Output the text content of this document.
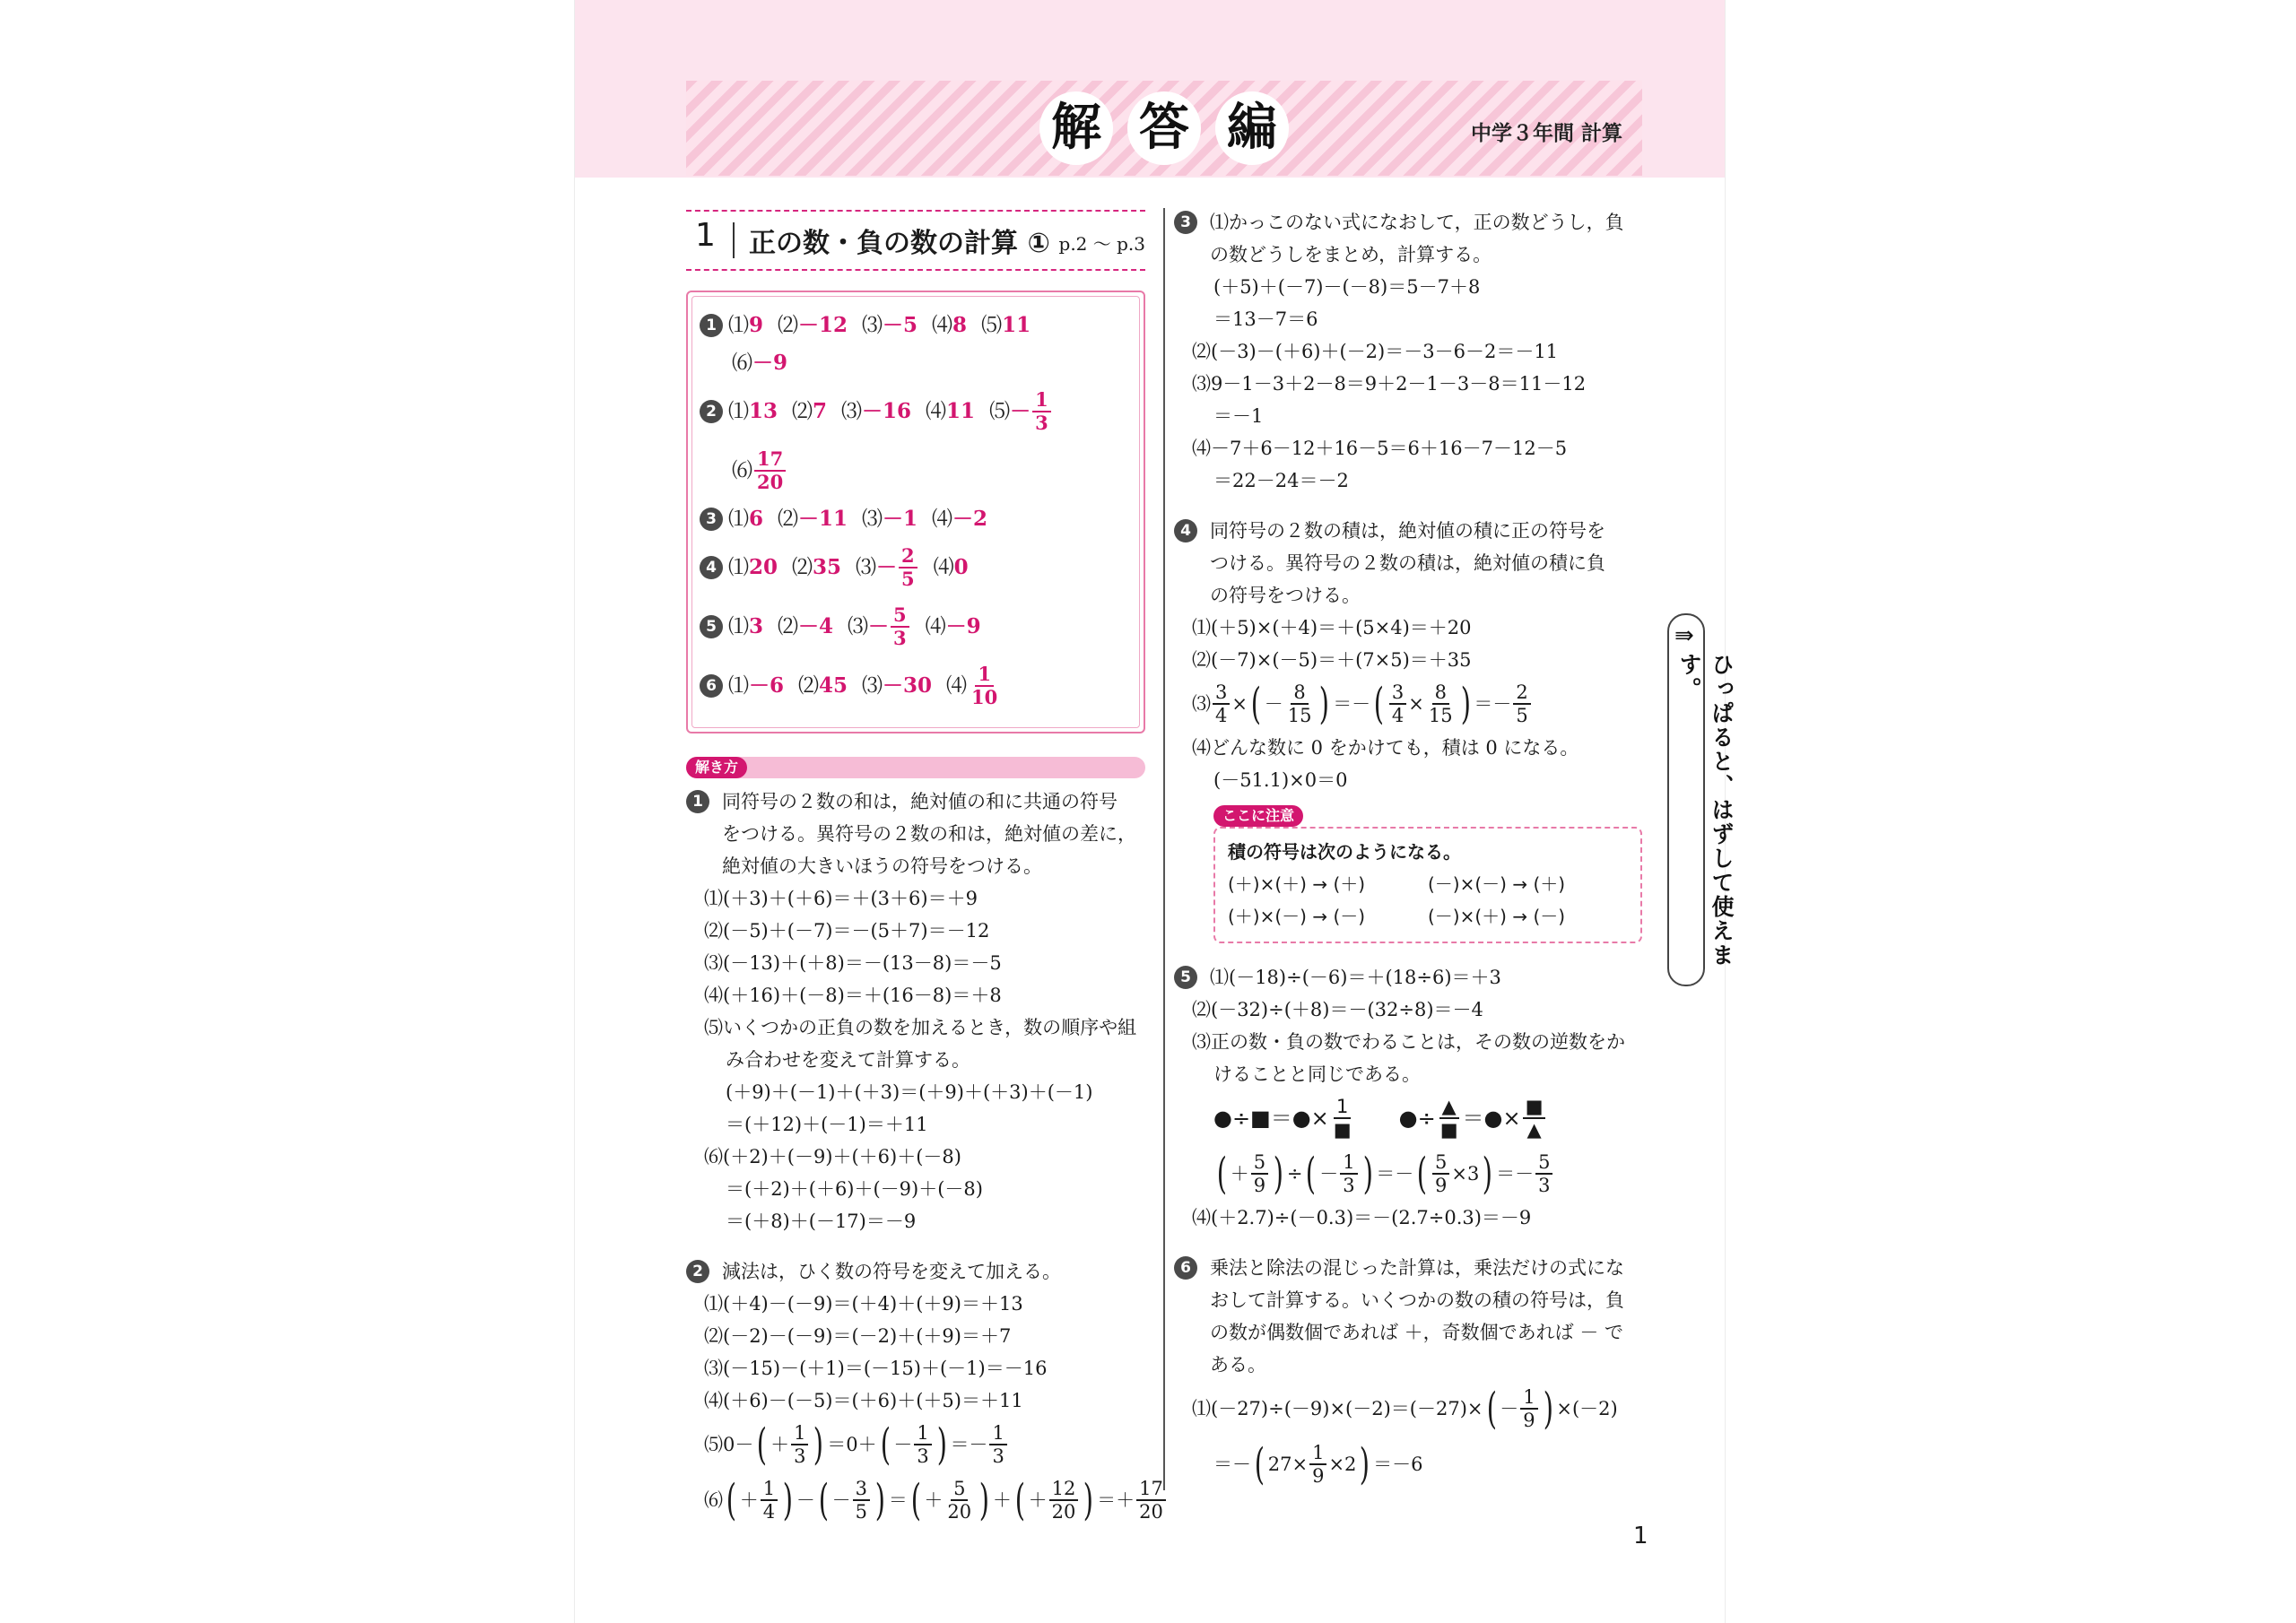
解 答 編	中学３年間 計算
1 正の数・負の数の計算 ① p.2 ～ p.3
1 ⑴ 9 ⑵ －12 ⑶ －5 ⑷ 8 ⑸ 11
⑹ －9
2 ⑴ 13 ⑵ 7 ⑶ －16 ⑷ 11 ⑸ － $\frac{1}{3}$
⑹ $\frac{17}{20}$
3 ⑴ 6 ⑵ －11 ⑶ －1 ⑷ －2
4 ⑴ 20 ⑵ 35 ⑶ － $\frac{2}{5}$ ⑷ 0
5 ⑴ 3 ⑵ －4 ⑶ － $\frac{5}{3}$ ⑷ －9
6 ⑴ －6 ⑵ 45 ⑶ －30 ⑷ $\frac{1}{10}$
解き方
1	同符号の２数の和は，絶対値の和に共通の符号
をつける。異符号の２数の和は，絶対値の差に，
絶対値の大きいほうの符号をつける。
⑴(＋3)＋(＋6)＝＋(3＋6)＝＋9
⑵(－5)＋(－7)＝－(5＋7)＝－12
⑶(－13)＋(＋8)＝－(13－8)＝－5
⑷(＋16)＋(－8)＝＋(16－8)＝＋8
⑸いくつかの正負の数を加えるとき，数の順序や組
み合わせを変えて計算する。
(＋9)＋(－1)＋(＋3)＝(＋9)＋(＋3)＋(－1)
＝(＋12)＋(－1)＝＋11
⑹(＋2)＋(－9)＋(＋6)＋(－8)
＝(＋2)＋(＋6)＋(－9)＋(－8)
＝(＋8)＋(－17)＝－9
2	減法は，ひく数の符号を変えて加える。
⑴(＋4)－(－9)＝(＋4)＋(＋9)＝＋13
⑵(－2)－(－9)＝(－2)＋(＋9)＝＋7
⑶(－15)－(＋1)＝(－15)＋(－1)＝－16
⑷(＋6)－(－5)＝(＋6)＋(＋5)＝＋11
⑸0－ ( ＋ $\frac{1}{3}$ ) ＝0＋ ( － $\frac{1}{3}$ ) ＝－ $\frac{1}{3}$
⑹ ( ＋ $\frac{1}{4}$ ) － ( － $\frac{3}{5}$ ) ＝ ( ＋ $\frac{5}{20}$ ) ＋ ( ＋ $\frac{12}{20}$ ) ＝＋ $\frac{17}{20}$
3	⑴かっこのない式になおして，正の数どうし，負
の数どうしをまとめ，計算する。
(＋5)＋(－7)－(－8)＝5－7＋8
＝13－7＝6
⑵(－3)－(＋6)＋(－2)＝－3－6－2＝－11
⑶9－1－3＋2－8＝9＋2－1－3－8＝11－12
＝－1
⑷－7＋6－12＋16－5＝6＋16－7－12－5
＝22－24＝－2
4	同符号の２数の積は，絶対値の積に正の符号を
つける。異符号の２数の積は，絶対値の積に負
の符号をつける。
⑴(＋5)×(＋4)＝＋(5×4)＝＋20
⑵(－7)×(－5)＝＋(7×5)＝＋35
⑶ $\frac{3}{4}$ × ( － $\frac{8}{15}$ ) ＝－ ( $\frac{3}{4} \times \frac{8}{15}$ ) ＝－ $\frac{2}{5}$
⑷どんな数に 0 をかけても，積は 0 になる。
(－51.1)×0＝0
ここに注意
積の符号は次のようになる。
(＋)×(＋) → (＋)	(－)×(－) → (＋)
(＋)×(－) → (－)	(－)×(＋) → (－)
5	⑴(－18)÷(－6)＝＋(18÷6)＝＋3
⑵(－32)÷(＋8)＝－(32÷8)＝－4
⑶正の数・負の数でわることは，その数の逆数をか
けることと同じである。
●÷■＝●× $\frac{1}{■}$ ●÷ $\frac{▲}{■}$ ＝●× $\frac{■}{▲}$
( ＋ $\frac{5}{9}$ ) ÷ ( － $\frac{1}{3}$ ) ＝－ ( $\frac{5}{9} \times 3$ ) ＝－ $\frac{5}{3}$
⑷(＋2.7)÷(－0.3)＝－(2.7÷0.3)＝－9
6	乗法と除法の混じった計算は，乗法だけの式にな
おして計算する。いくつかの数の積の符号は，負
の数が偶数個であれば ＋，奇数個であれば － で
ある。
⑴(－27)÷(－9)×(－2)＝(－27)× ( － $\frac{1}{9}$ ) ×(－2)
＝－ ( $27\times \frac{1}{9} \times 2$ ) ＝－6
⇛
ひっぱると、はずして使えます。
1
